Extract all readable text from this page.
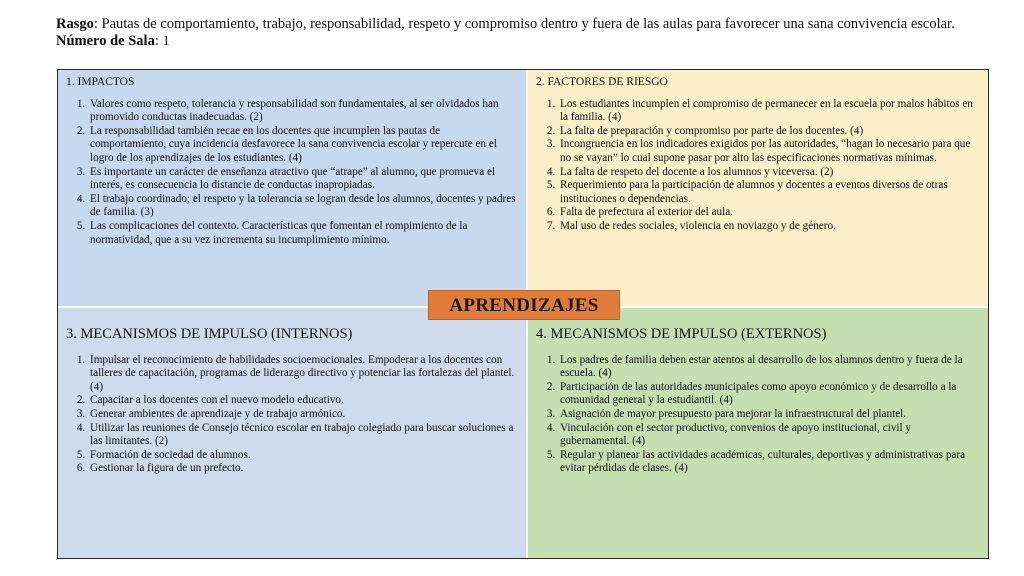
Rasgo: Pautas de comportamiento, trabajo, responsabilidad, respeto y compromiso dentro y fuera de las aulas para favorecer una sana convivencia escolar.
Número de Sala: 1
1. IMPACTOS
1. Valores como respeto, tolerancia y responsabilidad son fundamentales, al ser olvidados han promovido conductas inadecuadas. (2)
2. La responsabilidad también recae en los docentes que incumplen las pautas de comportamiento, cuya incidencia desfavorece la sana convivencia escolar y repercute en el logro de los aprendizajes de los estudiantes. (4)
3. Es importante un carácter de enseñanza atractivo que “atrape” al alumno, que promueva el interés, es consecuencia lo distancie de conductas inapropiadas.
4. El trabajo coordinado; el respeto y la tolerancia se logran desde los alumnos, docentes y padres de familia. (3)
5. Las complicaciones del contexto. Características que fomentan el rompimiento de la normatividad, que a su vez incrementa su incumplimiento mínimo.
2. FACTORES DE RIESGO
1. Los estudiantes incumplen el compromiso de permanecer en la escuela por malos hábitos en la familia. (4)
2. La falta de preparación y compromiso por parte de los docentes. (4)
3. Incongruencia en los indicadores exigidos por las autoridades, “hagan lo necesario para que no se vayan” lo cual supone pasar por alto las especificaciones normativas mínimas.
4. La falta de respeto del docente a los alumnos y viceversa. (2)
5. Requerimiento para la participación de alumnos y docentes a eventos diversos de otras instituciones o dependencias.
6. Falta de prefectura al exterior del aula.
7. Mal uso de redes sociales, violencia en noviazgo y de género.
3. MECANISMOS DE IMPULSO (INTERNOS)
1. Impulsar el reconocimiento de habilidades socioemocionales. Empoderar a los docentes con talleres de capacitación, programas de liderazgo directivo y potenciar las fortalezas del plantel. (4)
2. Capacitar a los docentes con el nuevo modelo educativo.
3. Generar ambientes de aprendizaje y de trabajo armónico.
4. Utilizar las reuniones de Consejo técnico escolar en trabajo colegiado para buscar soluciones a las limitantes. (2)
5. Formación de sociedad de alumnos.
6. Gestionar la figura de un prefecto.
4. MECANISMOS DE IMPULSO (EXTERNOS)
1. Los padres de familia deben estar atentos al desarrollo de los alumnos dentro y fuera de la escuela. (4)
2. Participación de las autoridades municipales como apoyo económico y de desarrollo a la comunidad general y la estudiantil. (4)
3. Asignación de mayor presupuesto para mejorar la infraestructural del plantel.
4. Vinculación con el sector productivo, convenios de apoyo institucional, civil y gubernamental. (4)
5. Regular y planear las actividades académicas, culturales, deportivas y administrativas para evitar pérdidas de clases. (4)
APRENDIZAJES
